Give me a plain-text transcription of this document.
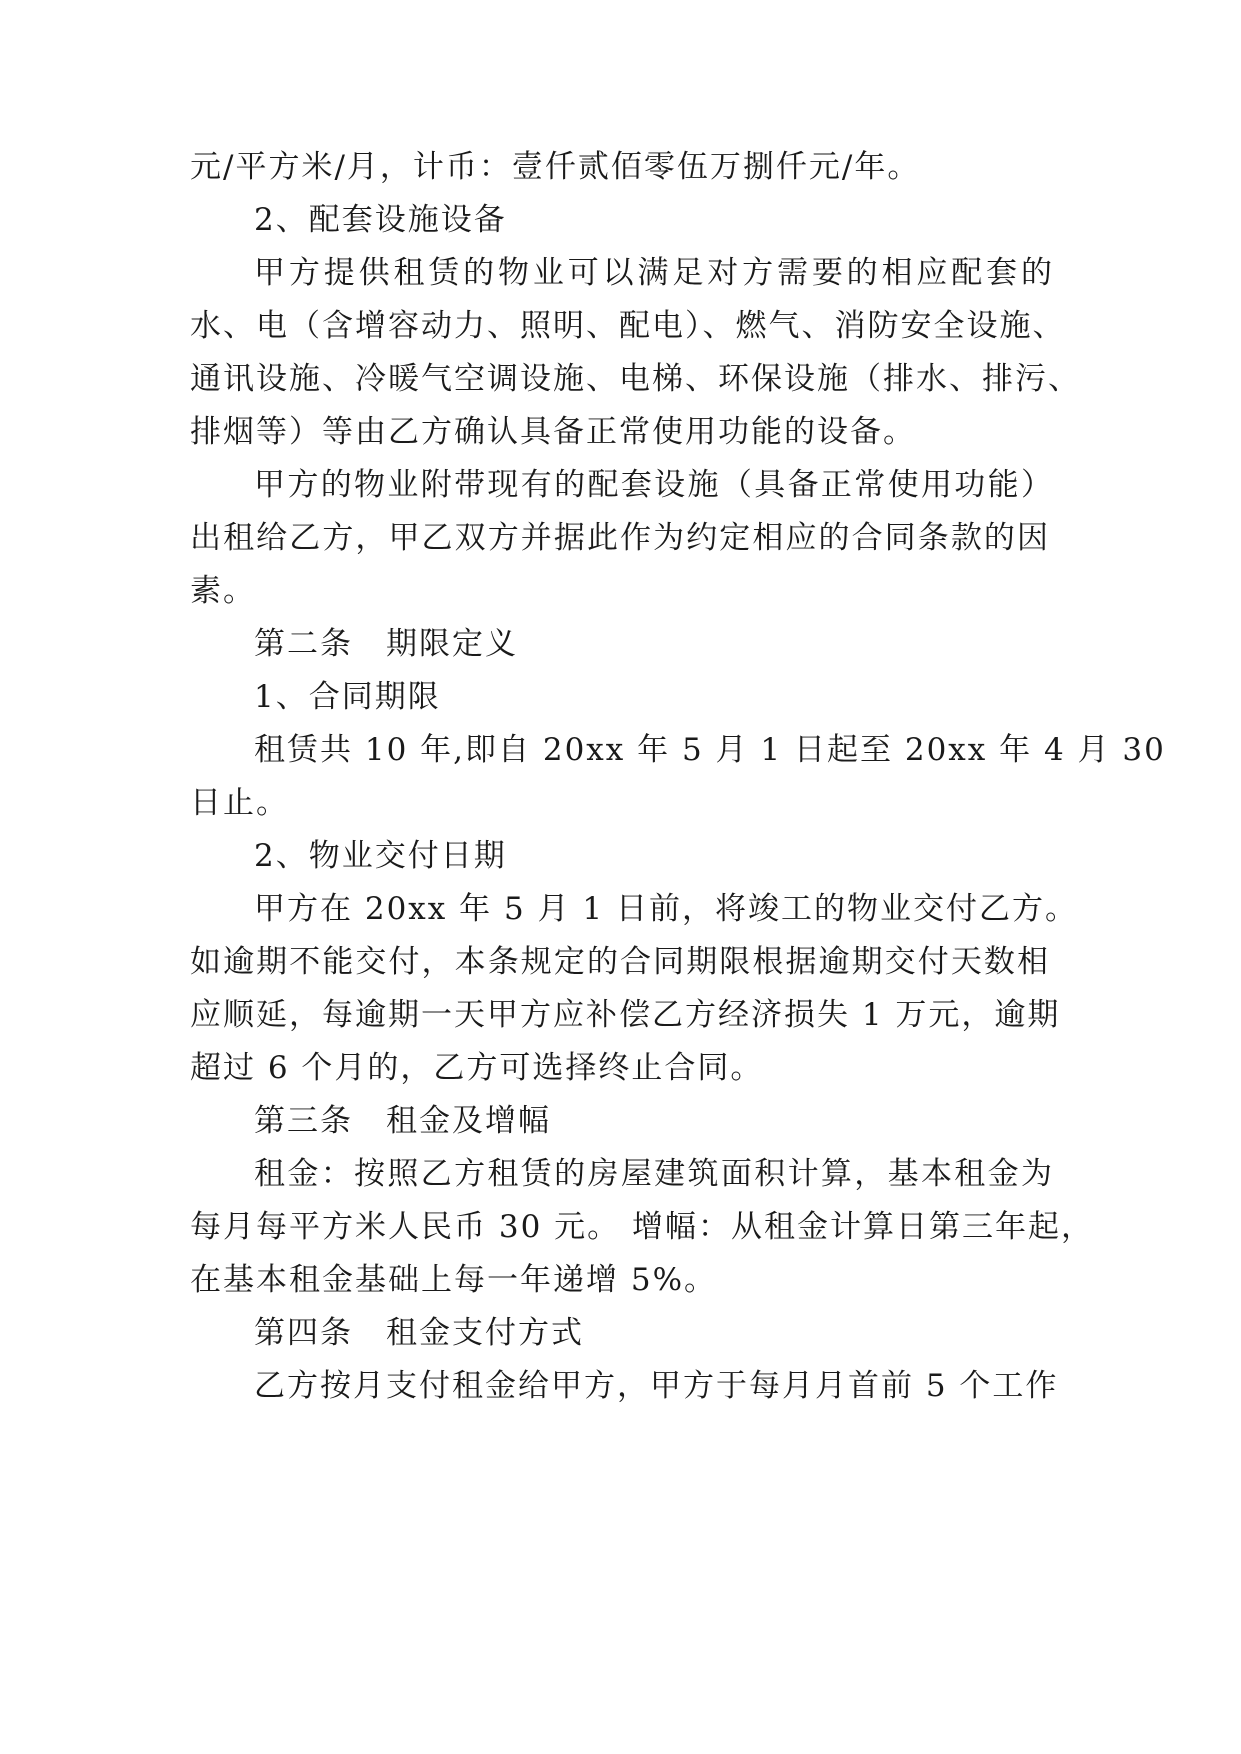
元/平方米/月，计币：壹仟贰佰零伍万捌仟元/年。
2、配套设施设备
甲方提供租赁的物业可以满足对方需要的相应配套的
水、电（含增容动力、照明、配电）、燃气、消防安全设施、
通讯设施、冷暖气空调设施、电梯、环保设施（排水、排污、
排烟等）等由乙方确认具备正常使用功能的设备。
甲方的物业附带现有的配套设施（具备正常使用功能）
出租给乙方，甲乙双方并据此作为约定相应的合同条款的因
素。
第二条　期限定义
1、合同期限
租赁共 10 年,即自 20xx 年 5 月 1 日起至 20xx 年 4 月 30
日止。
2、物业交付日期
甲方在 20xx 年 5 月 1 日前，将竣工的物业交付乙方。
如逾期不能交付，本条规定的合同期限根据逾期交付天数相
应顺延，每逾期一天甲方应补偿乙方经济损失 1 万元，逾期
超过 6 个月的，乙方可选择终止合同。
第三条　租金及增幅
租金：按照乙方租赁的房屋建筑面积计算，基本租金为
每月每平方米人民币 30 元。 增幅：从租金计算日第三年起，
在基本租金基础上每一年递增 5%。
第四条　租金支付方式
乙方按月支付租金给甲方，甲方于每月月首前 5 个工作
